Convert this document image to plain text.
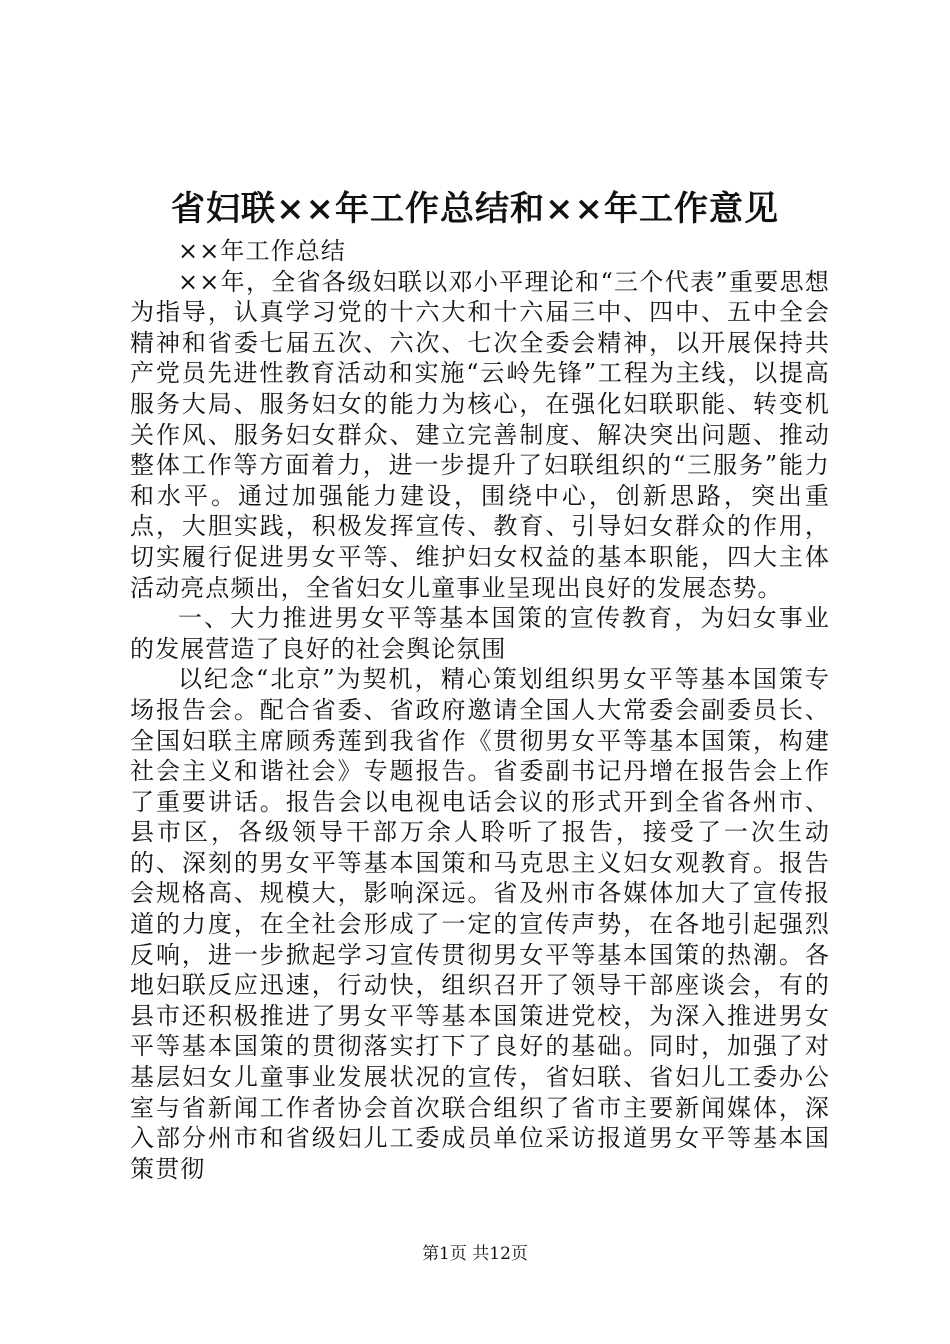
省妇联××年工作总结和××年工作意见

××年工作总结

××年，全省各级妇联以邓小平理论和“三个代表”重要思想为指导，认真学习党的十六大和十六届三中、四中、五中全会精神和省委七届五次、六次、七次全委会精神，以开展保持共产党员先进性教育活动和实施“云岭先锋”工程为主线，以提高服务大局、服务妇女的能力为核心，在强化妇联职能、转变机关作风、服务妇女群众、建立完善制度、解决突出问题、推动整体工作等方面着力，进一步提升了妇联组织的“三服务”能力和水平。通过加强能力建设，围绕中心，创新思路，突出重点，大胆实践，积极发挥宣传、教育、引导妇女群众的作用，切实履行促进男女平等、维护妇女权益的基本职能，四大主体活动亮点频出，全省妇女儿童事业呈现出良好的发展态势。

一、大力推进男女平等基本国策的宣传教育，为妇女事业的发展营造了良好的社会舆论氛围

以纪念“北京”为契机，精心策划组织男女平等基本国策专场报告会。配合省委、省政府邀请全国人大常委会副委员长、全国妇联主席顾秀莲到我省作《贯彻男女平等基本国策，构建社会主义和谐社会》专题报告。省委副书记丹增在报告会上作了重要讲话。报告会以电视电话会议的形式开到全省各州市、县市区，各级领导干部万余人聆听了报告，接受了一次生动的、深刻的男女平等基本国策和马克思主义妇女观教育。报告会规格高、规模大，影响深远。省及州市各媒体加大了宣传报道的力度，在全社会形成了一定的宣传声势，在各地引起强烈反响，进一步掀起学习宣传贯彻男女平等基本国策的热潮。各地妇联反应迅速，行动快，组织召开了领导干部座谈会，有的县市还积极推进了男女平等基本国策进党校，为深入推进男女平等基本国策的贯彻落实打下了良好的基础。同时，加强了对基层妇女儿童事业发展状况的宣传，省妇联、省妇儿工委办公室与省新闻工作者协会首次联合组织了省市主要新闻媒体，深入部分州市和省级妇儿工委成员单位采访报道男女平等基本国策贯彻

第1页 共12页
